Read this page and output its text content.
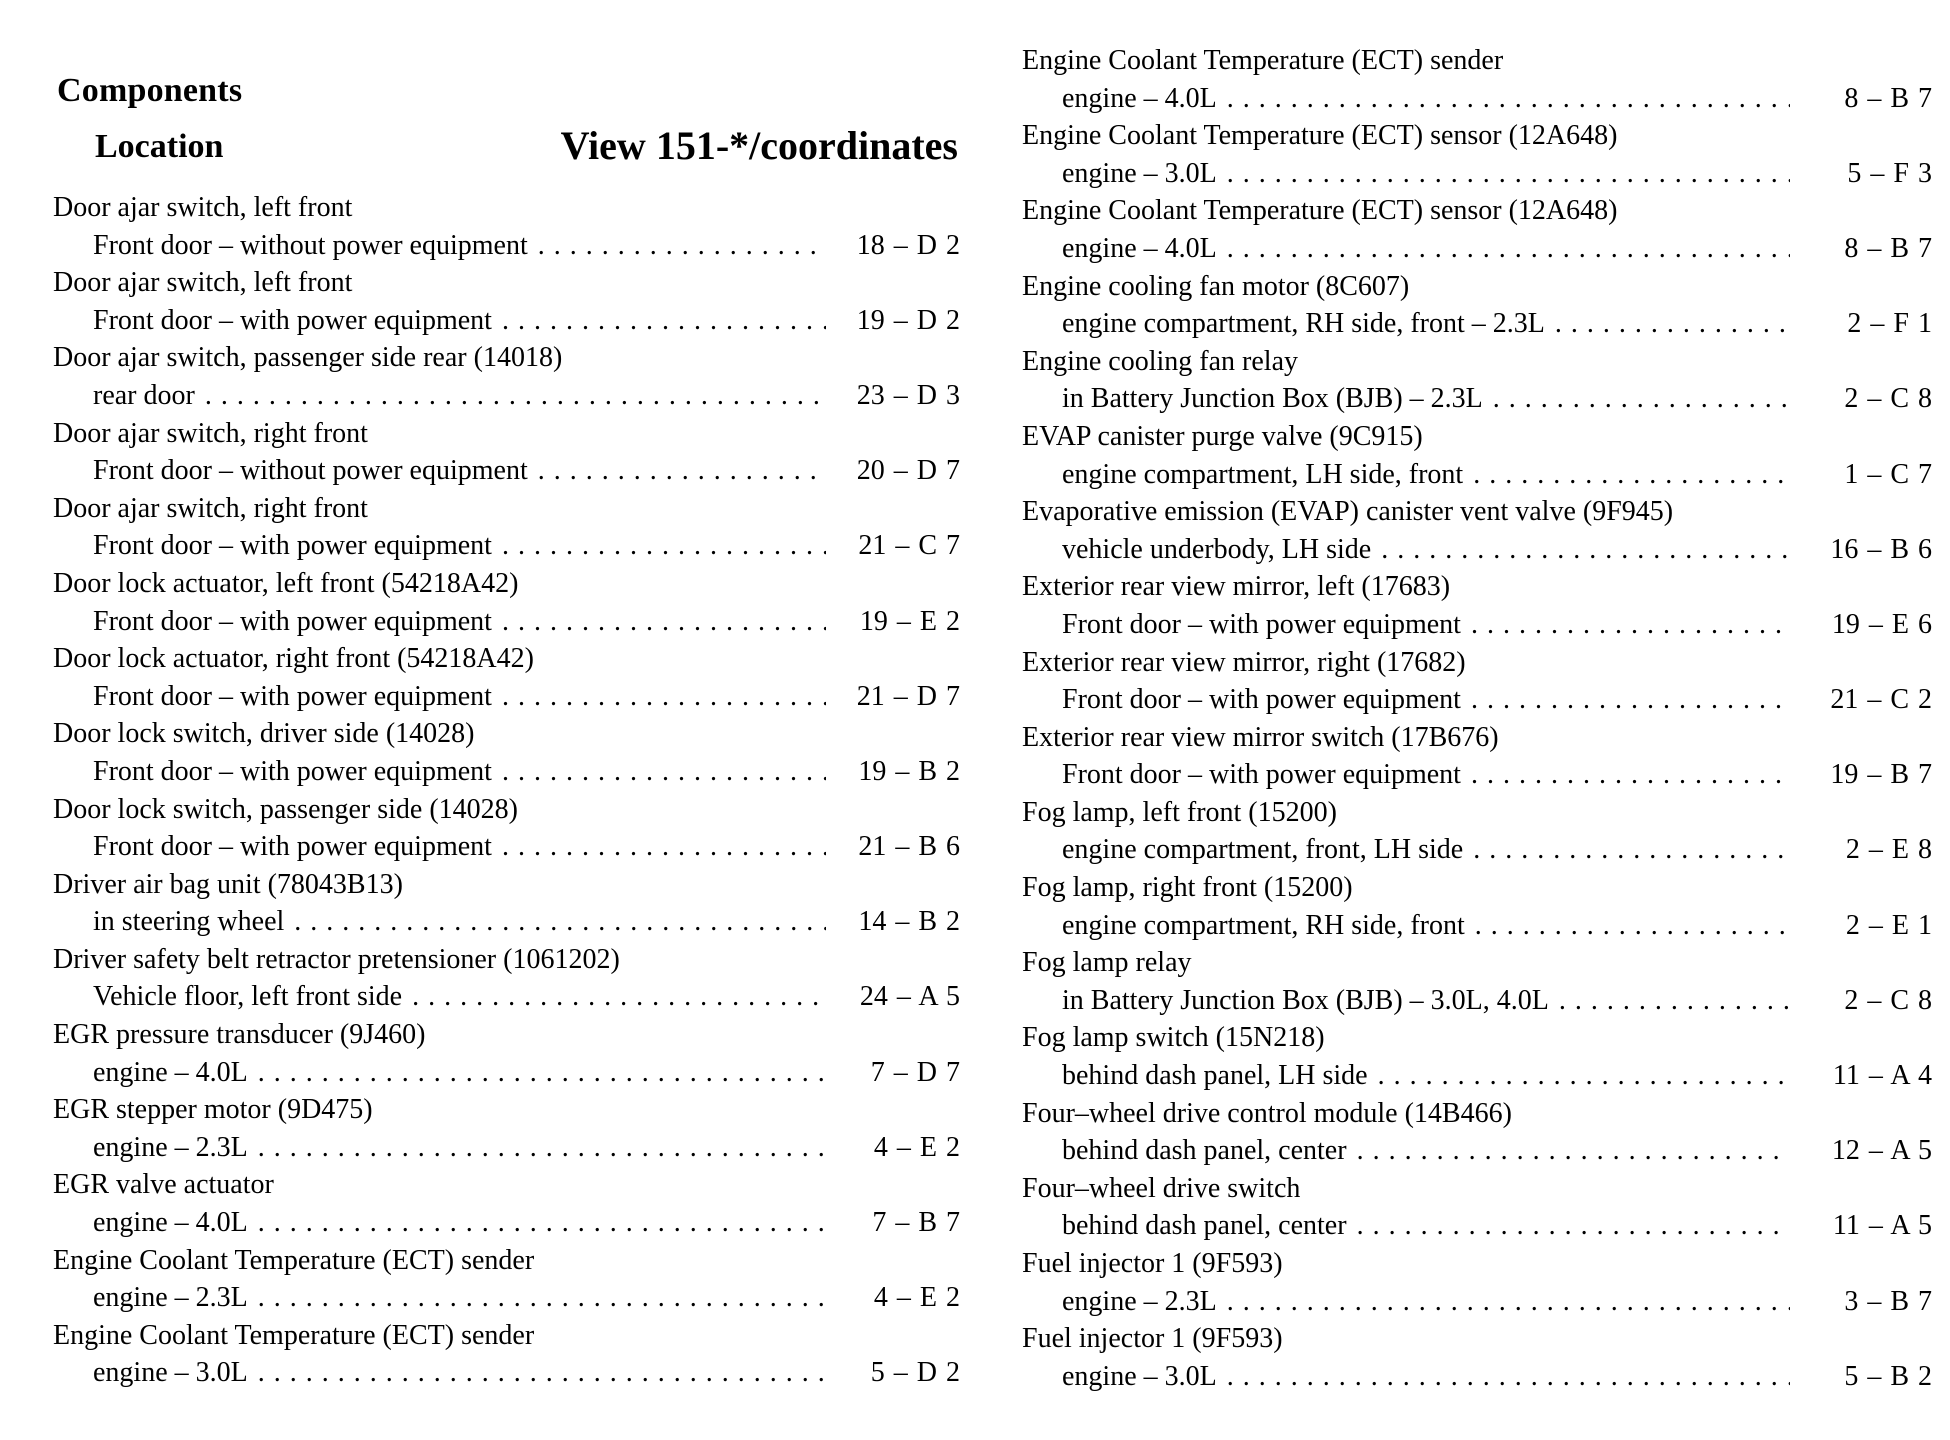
Components
Location	View 151-*/coordinates
Door ajar switch, left front
Front door – without power equipment . . .	18 – D 2
Door ajar switch, left front
Front door – with power equipment . . .	19 – D 2
Door ajar switch, passenger side rear (14018)
rear door . . .	23 – D 3
Door ajar switch, right front
Front door – without power equipment . . .	20 – D 7
Door ajar switch, right front
Front door – with power equipment . . .	21 – C 7
Door lock actuator, left front (54218A42)
Front door – with power equipment . . .	19 – E 2
Door lock actuator, right front (54218A42)
Front door – with power equipment . . .	21 – D 7
Door lock switch, driver side (14028)
Front door – with power equipment . . .	19 – B 2
Door lock switch, passenger side (14028)
Front door – with power equipment . . .	21 – B 6
Driver air bag unit (78043B13)
in steering wheel . . .	14 – B 2
Driver safety belt retractor pretensioner (1061202)
Vehicle floor, left front side . . .	24 – A 5
EGR pressure transducer (9J460)
engine – 4.0L . . .	7 – D 7
EGR stepper motor (9D475)
engine – 2.3L . . .	4 – E 2
EGR valve actuator
engine – 4.0L . . .	7 – B 7
Engine Coolant Temperature (ECT) sender
engine – 2.3L . . .	4 – E 2
Engine Coolant Temperature (ECT) sender
engine – 3.0L . . .	5 – D 2
Engine Coolant Temperature (ECT) sender
engine – 4.0L . . .	8 – B 7
Engine Coolant Temperature (ECT) sensor (12A648)
engine – 3.0L . . .	5 – F 3
Engine Coolant Temperature (ECT) sensor (12A648)
engine – 4.0L . . .	8 – B 7
Engine cooling fan motor (8C607)
engine compartment, RH side, front – 2.3L . . .	2 – F 1
Engine cooling fan relay
in Battery Junction Box (BJB) – 2.3L . . .	2 – C 8
EVAP canister purge valve (9C915)
engine compartment, LH side, front . . .	1 – C 7
Evaporative emission (EVAP) canister vent valve (9F945)
vehicle underbody, LH side . . .	16 – B 6
Exterior rear view mirror, left (17683)
Front door – with power equipment . . .	19 – E 6
Exterior rear view mirror, right (17682)
Front door – with power equipment . . .	21 – C 2
Exterior rear view mirror switch (17B676)
Front door – with power equipment . . .	19 – B 7
Fog lamp, left front (15200)
engine compartment, front, LH side . . .	2 – E 8
Fog lamp, right front (15200)
engine compartment, RH side, front . . .	2 – E 1
Fog lamp relay
in Battery Junction Box (BJB) – 3.0L, 4.0L . . .	2 – C 8
Fog lamp switch (15N218)
behind dash panel, LH side . . .	11 – A 4
Four–wheel drive control module (14B466)
behind dash panel, center . . .	12 – A 5
Four–wheel drive switch
behind dash panel, center . . .	11 – A 5
Fuel injector 1 (9F593)
engine – 2.3L . . .	3 – B 7
Fuel injector 1 (9F593)
engine – 3.0L . . .	5 – B 2
